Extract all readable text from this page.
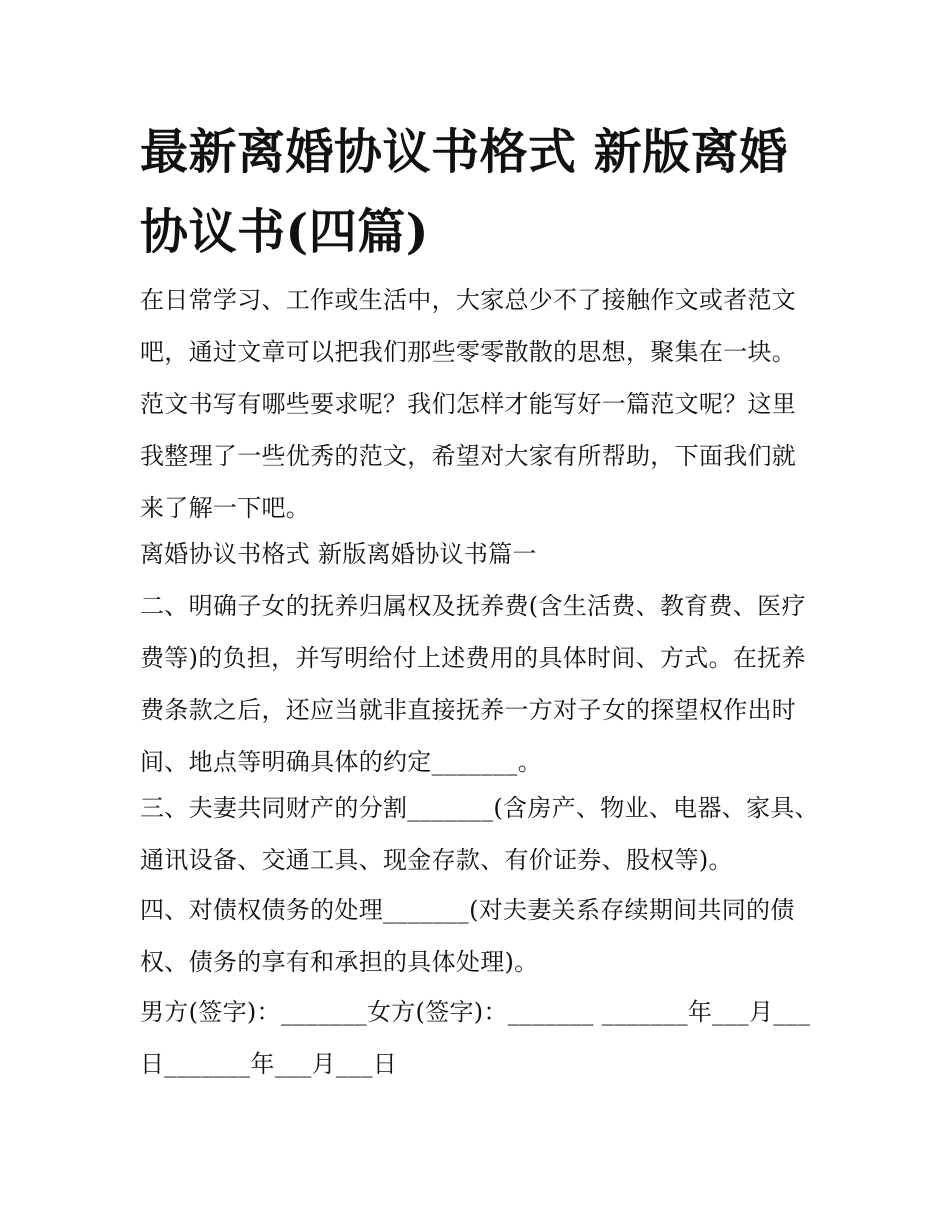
最新离婚协议书格式 新版离婚协议书(四篇)

在日常学习、工作或生活中，大家总少不了接触作文或者范文吧，通过文章可以把我们那些零零散散的思想，聚集在一块。范文书写有哪些要求呢？我们怎样才能写好一篇范文呢？这里我整理了一些优秀的范文，希望对大家有所帮助，下面我们就来了解一下吧。

离婚协议书格式 新版离婚协议书篇一

二、明确子女的抚养归属权及抚养费(含生活费、教育费、医疗费等)的负担，并写明给付上述费用的具体时间、方式。在抚养费条款之后，还应当就非直接抚养一方对子女的探望权作出时间、地点等明确具体的约定_______。

三、夫妻共同财产的分割_______(含房产、物业、电器、家具、通讯设备、交通工具、现金存款、有价证券、股权等)。

四、对债权债务的处理_______(对夫妻关系存续期间共同的债权、债务的享有和承担的具体处理)。

男方(签字)：_______女方(签字)：_______ _______年___月___日_______年___月___日
